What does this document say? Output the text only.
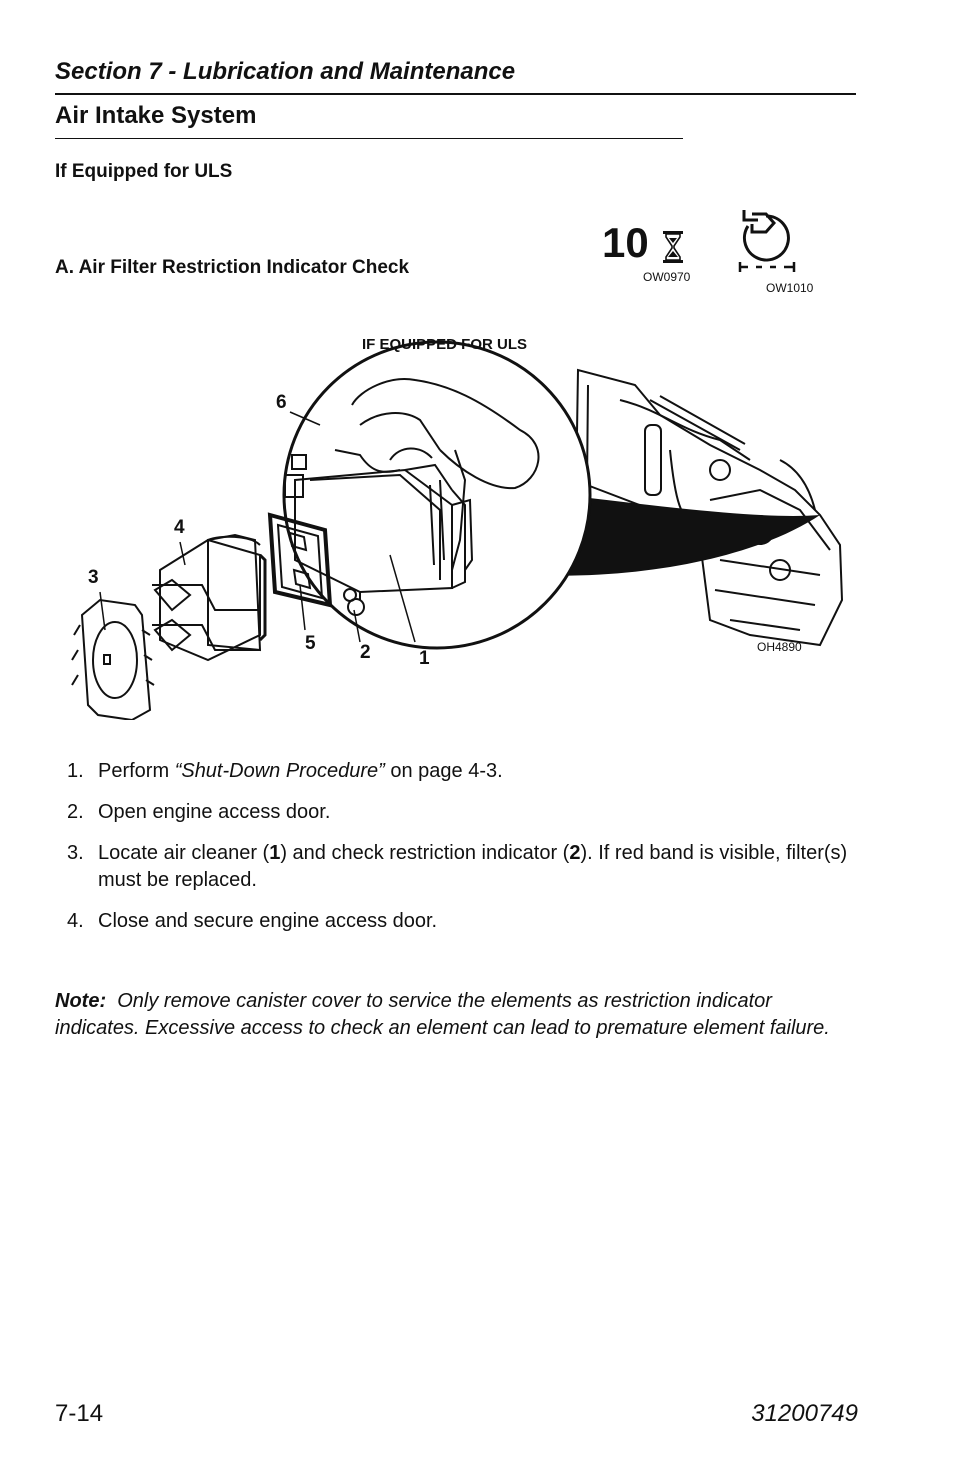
Section 7 - Lubrication and Maintenance
Air Intake System
If Equipped for ULS
A. Air Filter Restriction Indicator Check
10
OW0970
OW1010
IF EQUIPPED FOR ULS
6
4
3
5 2	1
OH4890
1. Perform “Shut-Down Procedure” on page 4-3.
2. Open engine access door.
3. Locate air cleaner (1) and check restriction indicator (2). If red band is visible, filter(s) must be replaced.
4. Close and secure engine access door.
Note: Only remove canister cover to service the elements as restriction indicator indicates. Excessive access to check an element can lead to premature element failure.
7-14	31200749
